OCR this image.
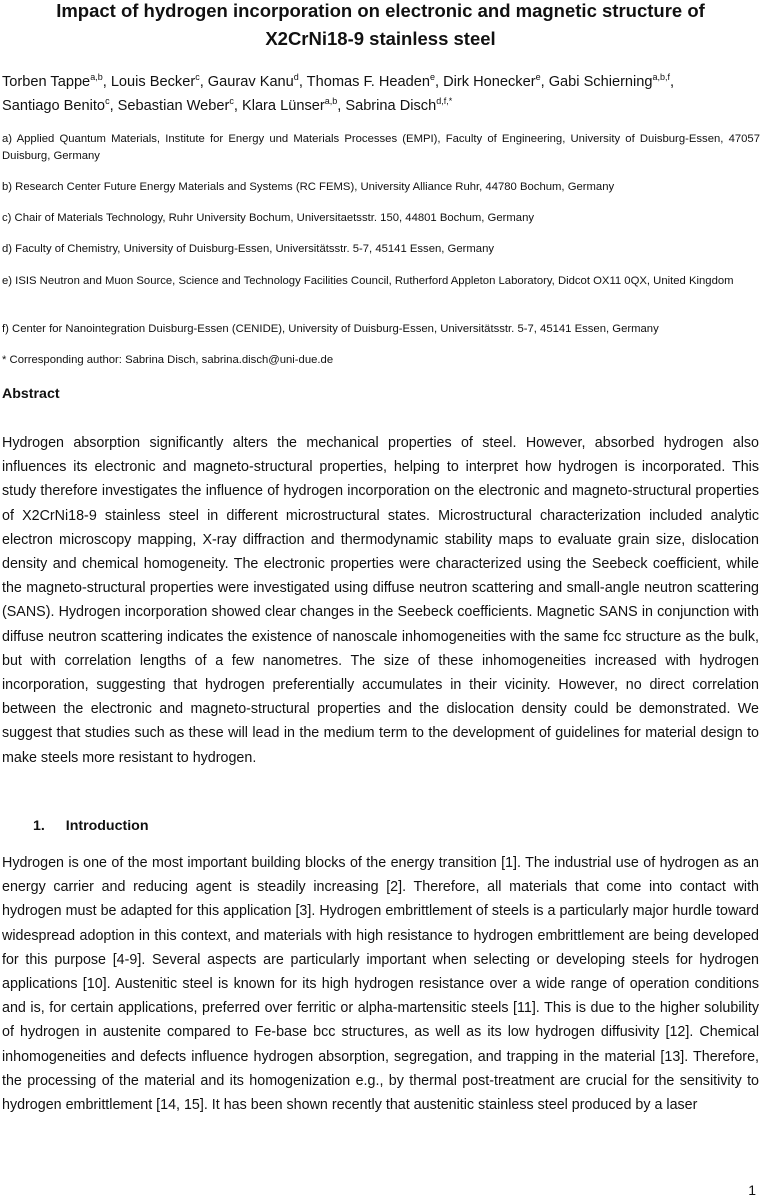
Impact of hydrogen incorporation on electronic and magnetic structure of
X2CrNi18-9 stainless steel
Torben Tappe$^{a,b}$, Louis Becker$^c$, Gaurav Kanu$^d$, Thomas F. Headen$^e$, Dirk Honecker$^e$, Gabi Schierning$^{a,b,f}$,
Santiago Benito$^c$, Sebastian Weber$^c$, Klara Lünser$^{a,b}$, Sabrina Disch$^{d,f,*}$
a) Applied Quantum Materials, Institute for Energy und Materials Processes (EMPI), Faculty of Engineering, University of Duisburg-Essen, 47057 Duisburg, Germany
b) Research Center Future Energy Materials and Systems (RC FEMS), University Alliance Ruhr, 44780 Bochum, Germany
c) Chair of Materials Technology, Ruhr University Bochum, Universitaetsstr. 150, 44801 Bochum, Germany
d) Faculty of Chemistry, University of Duisburg-Essen, Universitätsstr. 5-7, 45141 Essen, Germany
e) ISIS Neutron and Muon Source, Science and Technology Facilities Council, Rutherford Appleton Laboratory, Didcot OX11 0QX, United Kingdom
f) Center for Nanointegration Duisburg-Essen (CENIDE), University of Duisburg-Essen, Universitätsstr. 5-7, 45141 Essen, Germany
* Corresponding author: Sabrina Disch, sabrina.disch@uni-due.de
Abstract
Hydrogen absorption significantly alters the mechanical properties of steel. However, absorbed hydrogen also influences its electronic and magneto-structural properties, helping to interpret how hydrogen is incorporated. This study therefore investigates the influence of hydrogen incorporation on the electronic and magneto-structural properties of X2CrNi18-9 stainless steel in different microstructural states. Microstructural characterization included analytic electron microscopy mapping, X-ray diffraction and thermodynamic stability maps to evaluate grain size, dislocation density and chemical homogeneity. The electronic properties were characterized using the Seebeck coefficient, while the magneto-structural properties were investigated using diffuse neutron scattering and small-angle neutron scattering (SANS). Hydrogen incorporation showed clear changes in the Seebeck coefficients. Magnetic SANS in conjunction with diffuse neutron scattering indicates the existence of nanoscale inhomogeneities with the same fcc structure as the bulk, but with correlation lengths of a few nanometres. The size of these inhomogeneities increased with hydrogen incorporation, suggesting that hydrogen preferentially accumulates in their vicinity. However, no direct correlation between the electronic and magneto-structural properties and the dislocation density could be demonstrated. We suggest that studies such as these will lead in the medium term to the development of guidelines for material design to make steels more resistant to hydrogen.
1. Introduction
Hydrogen is one of the most important building blocks of the energy transition [1]. The industrial use of hydrogen as an energy carrier and reducing agent is steadily increasing [2]. Therefore, all materials that come into contact with hydrogen must be adapted for this application [3]. Hydrogen embrittlement of steels is a particularly major hurdle toward widespread adoption in this context, and materials with high resistance to hydrogen embrittlement are being developed for this purpose [4-9]. Several aspects are particularly important when selecting or developing steels for hydrogen applications [10]. Austenitic steel is known for its high hydrogen resistance over a wide range of operation conditions and is, for certain applications, preferred over ferritic or alpha-martensitic steels [11]. This is due to the higher solubility of hydrogen in austenite compared to Fe-base bcc structures, as well as its low hydrogen diffusivity [12]. Chemical inhomogeneities and defects influence hydrogen absorption, segregation, and trapping in the material [13]. Therefore, the processing of the material and its homogenization e.g., by thermal post-treatment are crucial for the sensitivity to hydrogen embrittlement [14, 15]. It has been shown recently that austenitic stainless steel produced by a laser
1
